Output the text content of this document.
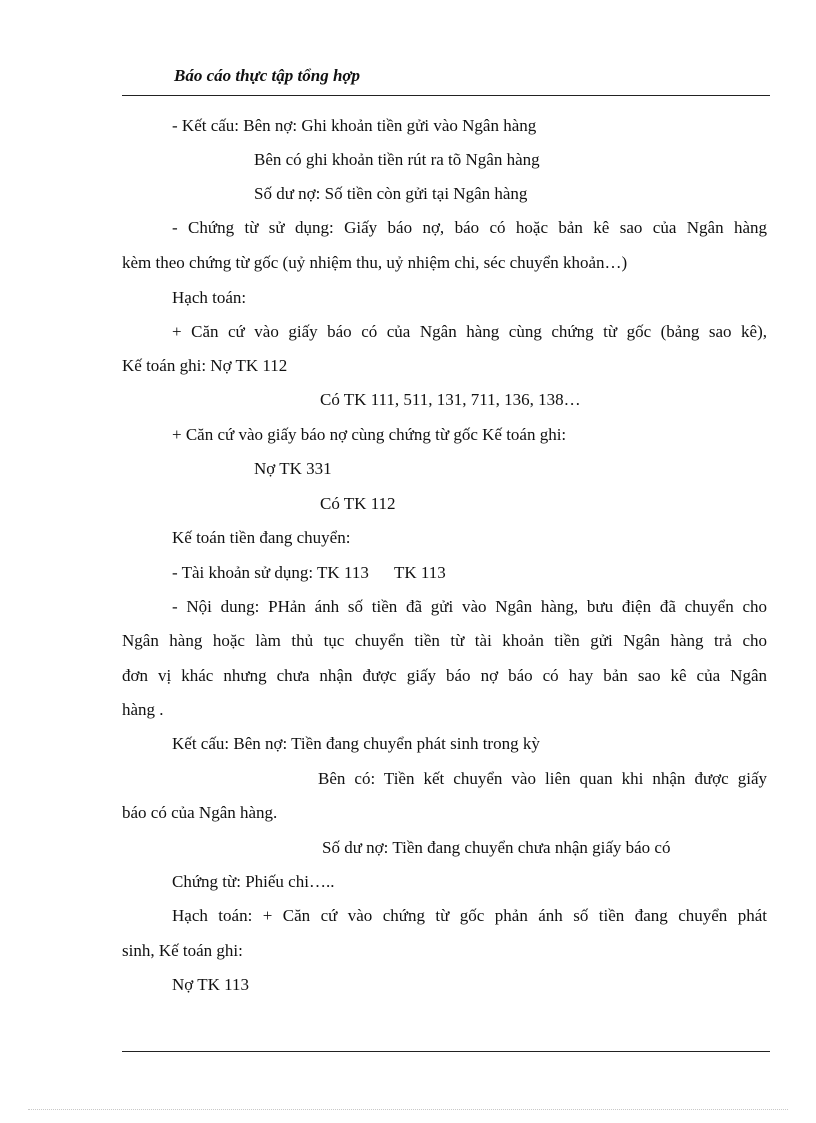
Báo cáo thực tập tổng hợp
- Kết cấu: Bên nợ: Ghi khoản tiền gửi vào Ngân hàng
Bên có ghi khoản tiền rút ra tõ Ngân hàng
Số dư nợ: Số tiền còn gửi tại Ngân hàng
- Chứng từ sử dụng: Giấy báo nợ, báo có hoặc bản kê sao của Ngân hàng
kèm theo chứng từ gốc (uỷ nhiệm thu, uỷ nhiệm chi, séc chuyển khoản…)
Hạch toán:
+ Căn cứ vào giấy báo có của Ngân hàng cùng chứng từ gốc (bảng sao kê),
Kế toán ghi: Nợ TK 112
Có TK 111, 511, 131, 711, 136, 138…
+ Căn cứ vào giấy báo nợ cùng chứng từ gốc Kế toán ghi:
Nợ TK 331
Có TK 112
Kế toán tiền đang chuyển:
- Tài khoản sử dụng: TK 113      TK 113
- Nội dung: PHản ánh số tiền đã gửi vào Ngân hàng, bưu điện đã chuyển cho
Ngân hàng hoặc làm thủ tục chuyển tiền từ tài khoản tiền gửi Ngân hàng trả cho
đơn vị khác nhưng chưa nhận được giấy báo nợ báo có hay bản sao kê của Ngân
hàng .
Kết cấu: Bên nợ: Tiền đang chuyển phát sinh trong kỳ
Bên có: Tiền kết chuyển vào liên quan khi nhận được giấy
báo có của Ngân hàng.
Số dư nợ: Tiền đang chuyển chưa nhận giấy báo có
Chứng từ: Phiếu chi…..
Hạch toán: + Căn cứ vào chứng từ gốc phản ánh số tiền đang chuyển phát
sinh, Kế toán ghi:
Nợ TK 113
